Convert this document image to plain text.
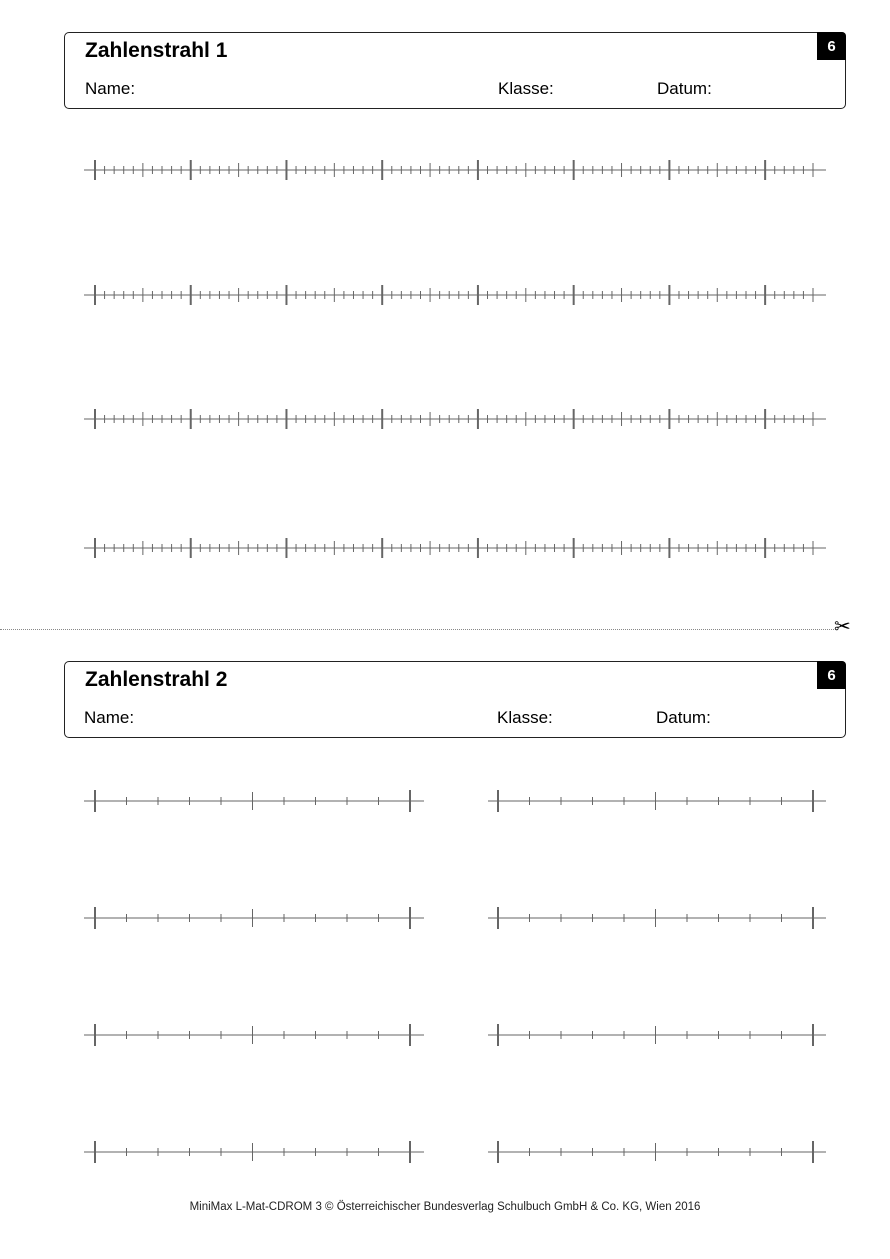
Zahlenstrahl 1
Name:	Klasse:	Datum:
6
✂
Zahlenstrahl 2
Name:	Klasse:	Datum:
6
MiniMax L-Mat-CDROM 3 © Österreichischer Bundesverlag Schulbuch GmbH & Co. KG, Wien 2016
